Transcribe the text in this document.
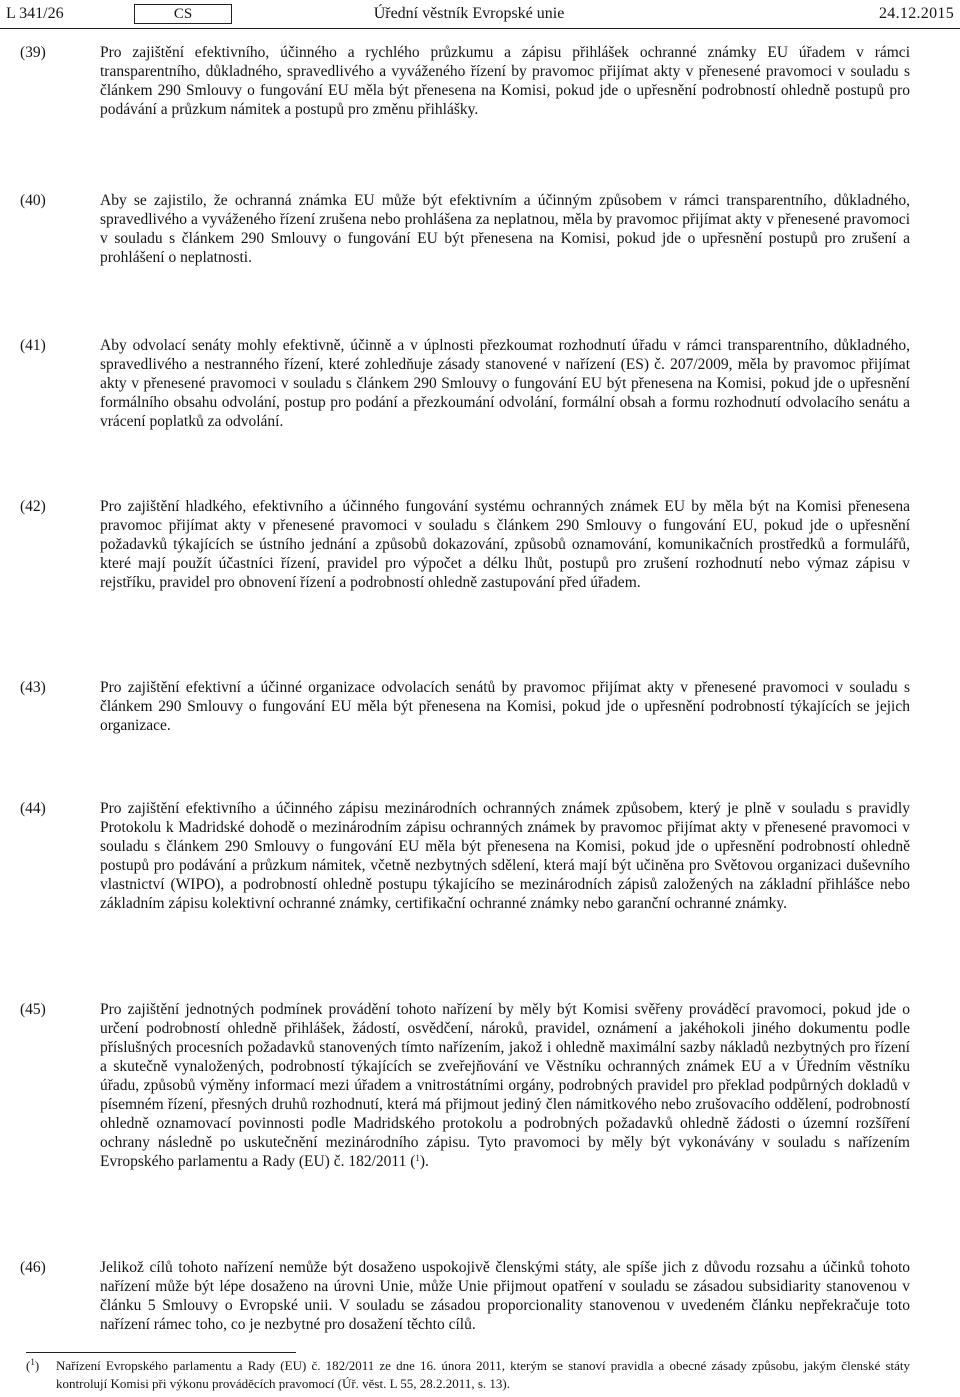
L 341/26	CS	Úřední věstník Evropské unie	24.12.2015
(39)	Pro zajištění efektivního, účinného a rychlého průzkumu a zápisu přihlášek ochranné známky EU úřadem v rámci transparentního, důkladného, spravedlivého a vyváženého řízení by pravomoc přijímat akty v přenesené pravomoci v souladu s článkem 290 Smlouvy o fungování EU měla být přenesena na Komisi, pokud jde o upřesnění podrobností ohledně postupů pro podávání a průzkum námitek a postupů pro změnu přihlášky.
(40)	Aby se zajistilo, že ochranná známka EU může být efektivním a účinným způsobem v rámci transparentního, důkladného, spravedlivého a vyváženého řízení zrušena nebo prohlášena za neplatnou, měla by pravomoc přijímat akty v přenesené pravomoci v souladu s článkem 290 Smlouvy o fungování EU být přenesena na Komisi, pokud jde o upřesnění postupů pro zrušení a prohlášení o neplatnosti.
(41)	Aby odvolací senáty mohly efektivně, účinně a v úplnosti přezkoumat rozhodnutí úřadu v rámci transparentního, důkladného, spravedlivého a nestranného řízení, které zohledňuje zásady stanovené v nařízení (ES) č. 207/2009, měla by pravomoc přijímat akty v přenesené pravomoci v souladu s článkem 290 Smlouvy o fungování EU být přenesena na Komisi, pokud jde o upřesnění formálního obsahu odvolání, postup pro podání a přezkoumání odvolání, formální obsah a formu rozhodnutí odvolacího senátu a vrácení poplatků za odvolání.
(42)	Pro zajištění hladkého, efektivního a účinného fungování systému ochranných známek EU by měla být na Komisi přenesena pravomoc přijímat akty v přenesené pravomoci v souladu s článkem 290 Smlouvy o fungování EU, pokud jde o upřesnění požadavků týkajících se ústního jednání a způsobů dokazování, způsobů oznamování, komunikačních prostředků a formulářů, které mají použít účastníci řízení, pravidel pro výpočet a délku lhůt, postupů pro zrušení rozhodnutí nebo výmaz zápisu v rejstříku, pravidel pro obnovení řízení a podrobností ohledně zastupování před úřadem.
(43)	Pro zajištění efektivní a účinné organizace odvolacích senátů by pravomoc přijímat akty v přenesené pravomoci v souladu s článkem 290 Smlouvy o fungování EU měla být přenesena na Komisi, pokud jde o upřesnění podrobností týkajících se jejich organizace.
(44)	Pro zajištění efektivního a účinného zápisu mezinárodních ochranných známek způsobem, který je plně v souladu s pravidly Protokolu k Madridské dohodě o mezinárodním zápisu ochranných známek by pravomoc přijímat akty v přenesené pravomoci v souladu s článkem 290 Smlouvy o fungování EU měla být přenesena na Komisi, pokud jde o upřesnění podrobností ohledně postupů pro podávání a průzkum námitek, včetně nezbytných sdělení, která mají být učiněna pro Světovou organizaci duševního vlastnictví (WIPO), a podrobností ohledně postupu týkajícího se mezinárodních zápisů založených na základní přihlášce nebo základním zápisu kolektivní ochranné známky, certifikační ochranné známky nebo garanční ochranné známky.
(45)	Pro zajištění jednotných podmínek provádění tohoto nařízení by měly být Komisi svěřeny prováděcí pravomoci, pokud jde o určení podrobností ohledně přihlášek, žádostí, osvědčení, nároků, pravidel, oznámení a jakéhokoli jiného dokumentu podle příslušných procesních požadavků stanovených tímto nařízením, jakož i ohledně maximální sazby nákladů nezbytných pro řízení a skutečně vynaložených, podrobností týkajících se zveřejňování ve Věstníku ochranných známek EU a v Úředním věstníku úřadu, způsobů výměny informací mezi úřadem a vnitrostátními orgány, podrobných pravidel pro překlad podpůrných dokladů v písemném řízení, přesných druhů rozhodnutí, která má přijmout jediný člen námitkového nebo zrušovacího oddělení, podrobností ohledně oznamovací povinnosti podle Madridského protokolu a podrobných požadavků ohledně žádosti o územní rozšíření ochrany následně po uskutečnění mezinárodního zápisu. Tyto pravomoci by měly být vykonávány v souladu s nařízením Evropského parlamentu a Rady (EU) č. 182/2011 ($^1$).
(46)	Jelikož cílů tohoto nařízení nemůže být dosaženo uspokojivě členskými státy, ale spíše jich z důvodu rozsahu a účinků tohoto nařízení může být lépe dosaženo na úrovni Unie, může Unie přijmout opatření v souladu se zásadou subsidiarity stanovenou v článku 5 Smlouvy o Evropské unii. V souladu se zásadou proporcionality stanovenou v uvedeném článku nepřekračuje toto nařízení rámec toho, co je nezbytné pro dosažení těchto cílů.
($^1$) Nařízení Evropského parlamentu a Rady (EU) č. 182/2011 ze dne 16. února 2011, kterým se stanoví pravidla a obecné zásady způsobu, jakým členské státy kontrolují Komisi při výkonu prováděcích pravomocí (Úř. věst. L 55, 28.2.2011, s. 13).
